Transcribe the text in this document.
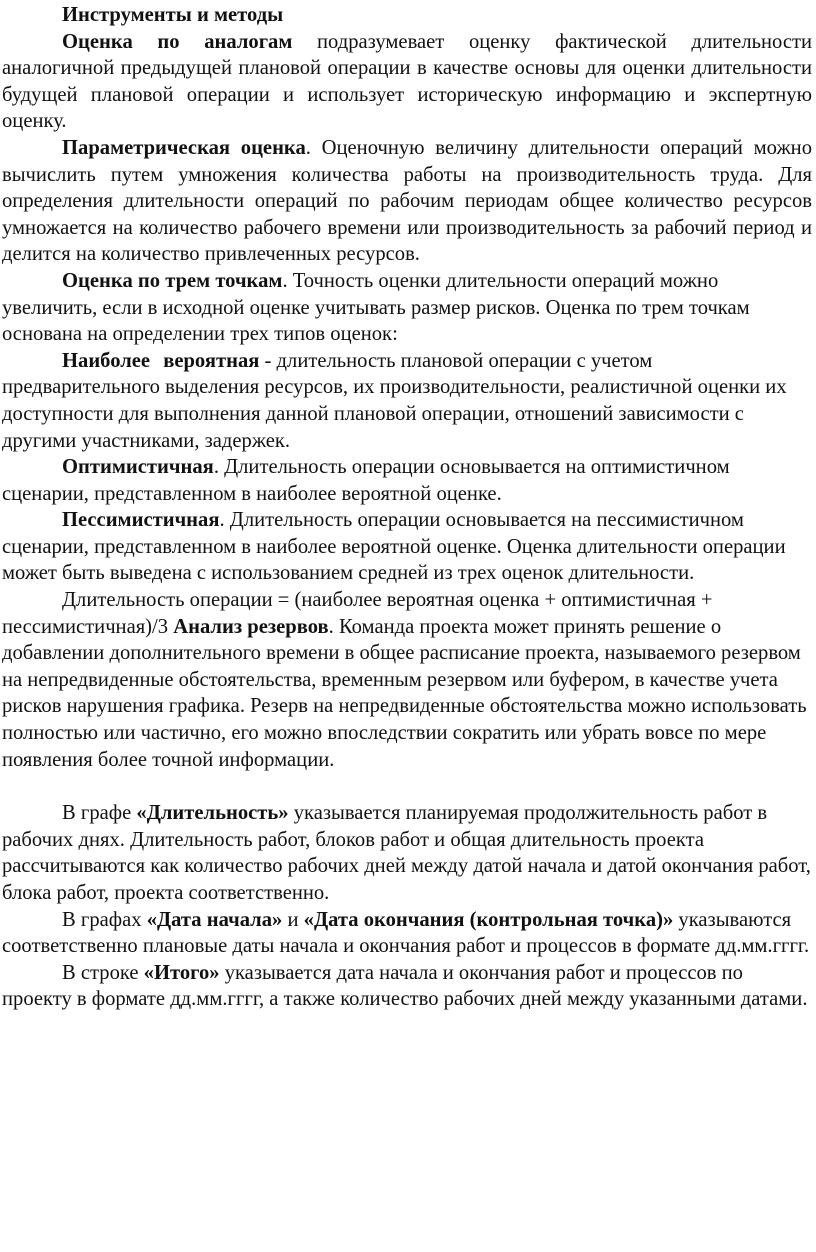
Инструменты и методы

Оценка по аналогам подразумевает оценку фактической длительности аналогичной предыдущей плановой операции в качестве основы для оценки длительности будущей плановой операции и использует историческую информацию и экспертную оценку.

Параметрическая оценка. Оценочную величину длительности операций можно вычислить путем умножения количества работы на производительность труда. Для определения длительности операций по рабочим периодам общее количество ресурсов умножается на количество рабочего времени или производительность за рабочий период и делится на количество привлеченных ресурсов.

Оценка по трем точкам. Точность оценки длительности операций можно увеличить, если в исходной оценке учитывать размер рисков. Оценка по трем точкам основана на определении трех типов оценок:

Наиболее вероятная - длительность плановой операции с учетом предварительного выделения ресурсов, их производительности, реалистичной оценки их доступности для выполнения данной плановой операции, отношений зависимости с другими участниками, задержек.

Оптимистичная. Длительность операции основывается на оптимистичном сценарии, представленном в наиболее вероятной оценке.

Пессимистичная. Длительность операции основывается на пессимистичном сценарии, представленном в наиболее вероятной оценке. Оценка длительности операции может быть выведена с использованием средней из трех оценок длительности.

Длительность операции = (наиболее вероятная оценка + оптимистичная + пессимистичная)/3 Анализ резервов. Команда проекта может принять решение о добавлении дополнительного времени в общее расписание проекта, называемого резервом на непредвиденные обстоятельства, временным резервом или буфером, в качестве учета рисков нарушения графика. Резерв на непредвиденные обстоятельства можно использовать полностью или частично, его можно впоследствии сократить или убрать вовсе по мере появления более точной информации.

В графе «Длительность» указывается планируемая продолжительность работ в рабочих днях. Длительность работ, блоков работ и общая длительность проекта рассчитываются как количество рабочих дней между датой начала и датой окончания работ, блока работ, проекта соответственно.

В графах «Дата начала» и «Дата окончания (контрольная точка)» указываются соответственно плановые даты начала и окончания работ и процессов в формате дд.мм.гггг.

В строке «Итого» указывается дата начала и окончания работ и процессов по проекту в формате дд.мм.гггг, а также количество рабочих дней между указанными датами.
